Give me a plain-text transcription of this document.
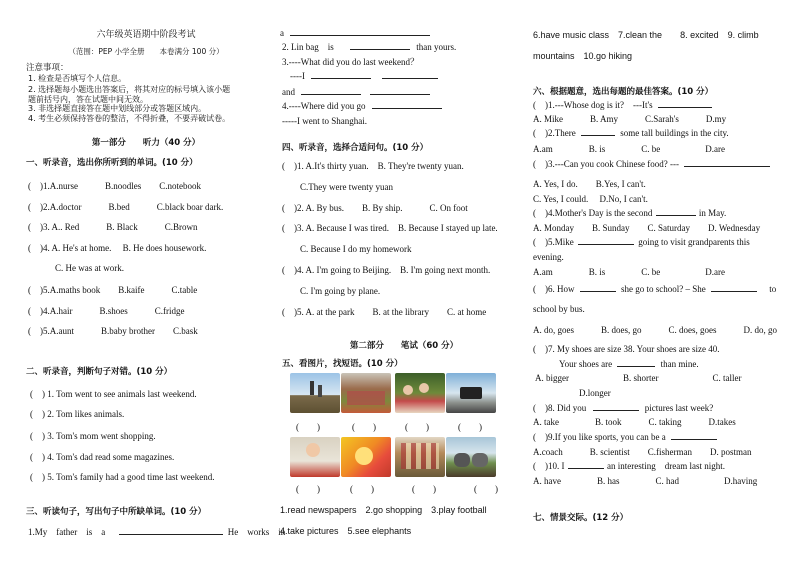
六年级英语期中阶段考试
（范围：PEP 小学全册　　本卷满分 100 分）
注意事项：
1. 检查是否填写个人信息。
2. 选择题每小题选出答案后，将其对应的标号填入该小题
题前括号内，答在试题中间无效。
3. 非选择题直接答在题中划线部分或答题区域内。
4. 考生必须保持答卷的整洁，不得折叠，不要弄破试卷。
第一部分　　听力（40 分）
一、听录音，选出你所听到的单词。(10 分）
(　)1.A.nurse　　　B.noodles　　C.notebook
(　)2.A.doctor　　　B.bed　　　C.black boar dark.
(　)3. A.. Red　　　B. Black　　　C.Brown
(　)4. A. He's at home.　 B. He does housework.
　C. He was at work.
(　)5.A.maths book　　B.kaife　　　C.table
(　)4.A.hair　　　B.shoes　　　C.fridge
(　)5.A.aunt　　　B.baby brother　　C.bask
二、听录音，判断句子对错。(10 分）
(　) 1. Tom went to see animals last weekend.
(　) 2. Tom likes animals.
(　) 3. Tom's mom went shopping.
(　) 4. Tom's dad read some magazines.
(　) 5. Tom's family had a good time last weekend.
三、听读句子，写出句子中所缺单词。(10 分）
1.My　father　is　a	He　works　in
a
2. Lin bag　is	than yours.
3.----What did you do last weekend？
----I
and
4.----Where did you go
-----I went to Shanghai.
四、听录音，选择合适问句。(10 分）
(　)1. A.It's thirty yuan.　B. They're twenty yuan.
C.They were twenty yuan
(　)2. A. By bus.　　B. By ship.　　　C. On foot
(　)3. A. Because I was tired.　B. Because I stayed up late.
C. Because I do my homework
(　)4. A. I'm going to Beijing.　B. I'm going next month.
C. I'm going by plane.
(　)5. A. at the park　　B. at the library　　C. at home
第二部分　　笔试（60 分）
五、看图片，找短语。(10 分）
(　　)	(　　)	(　　)	(　　)
(　　)	(　　)	(　　)	(　　)
1.read newspapers　2.go shopping　3.play football
4.take pictures　5.see elephants
6.have music class　7.clean the　　8. excited　9. climb
mountains　10.go hiking
六、根据题意，选出每题的最佳答案。(10 分）
(　)1.---Whose dog is it?　---It's
A. Mike　　　B. Amy　　　C.Sarah's　　　D.my
(　)2.There	some tall buildings in the city.
A.am　　　　B. is　　　　C. be　　　　　D.are
(　)3.---Can you cook Chinese food? ---
A. Yes, I do.　　B.Yes, I can't.
C. Yes, I could.　 D.No, I can't.
(　)4.Mother's Day is the second	in May.
A. Monday　　B. Sunday　　C. Saturday　　D. Wednesday
(　)5.Mike	going to visit grandparents this
evening.
A.am　　　　B. is　　　　C. be　　　　　D.are
(　)6. How	she go to school? – She	to
school by bus.
A. do, goes　　　B. does, go　　　C. does, goes　　　D. do, go
(　)7. My shoes are size 38. Your shoes are size 40.
Your shoes are	than mine.
A. bigger　　　　　　B. shorter　　　　　　C. taller
D.longer
(　)8. Did you	pictures last week?
A. take　　　　B. took　　　C. taking　　　D.takes
(　)9.If you like sports, you can be a
A.coach　　　B. scientist　　C.fisherman　　D. postman
(　)10. I	an interesting　dream last night.
A. have　　　　B. has　　　　C. had　　　　　D.having
七、情景交际。(12 分）
